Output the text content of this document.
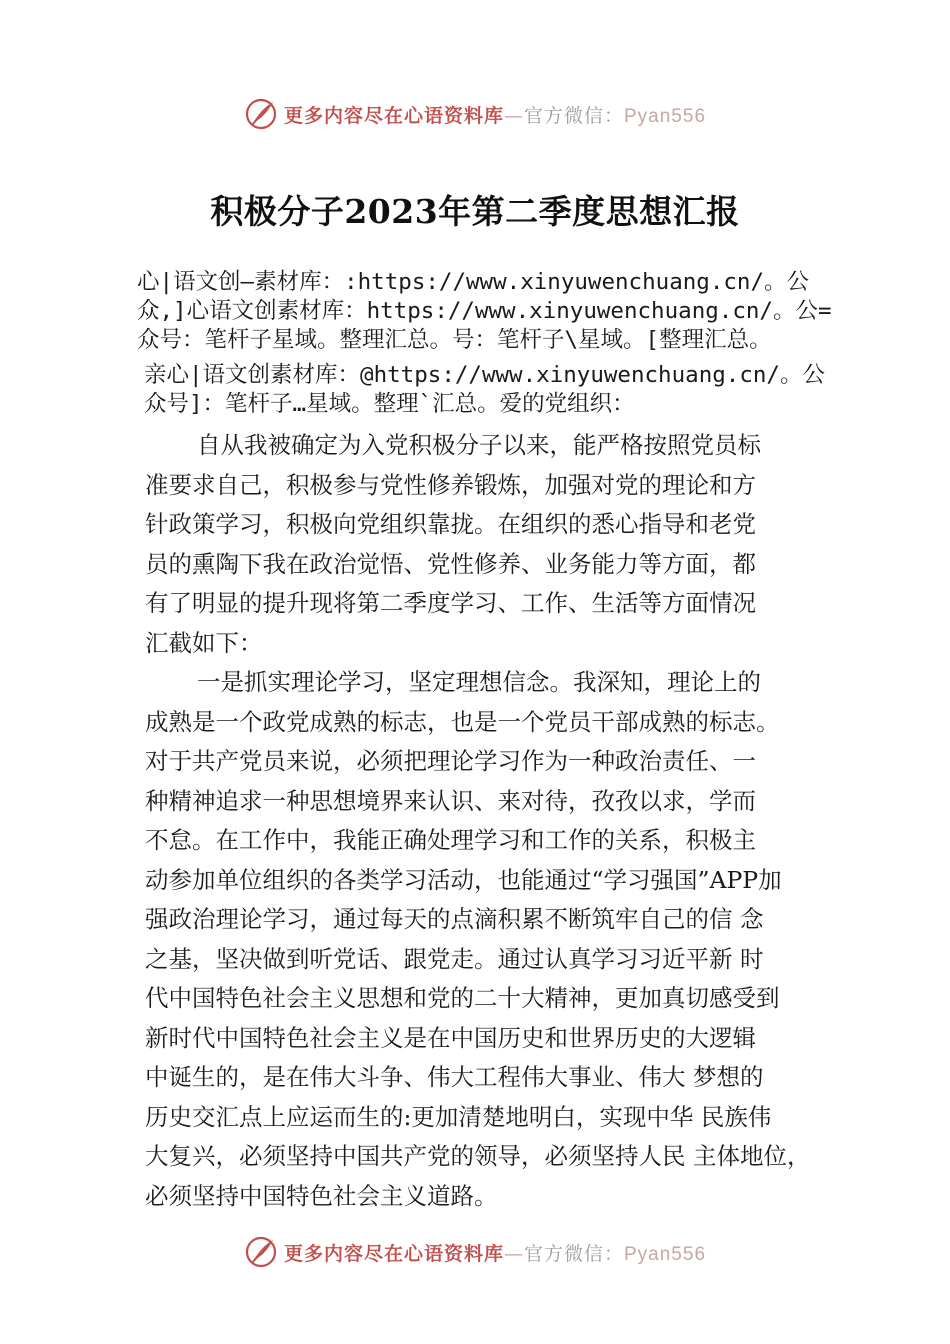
更多内容尽在心语资料库—官方微信：Pyan556
积极分子2023年第二季度思想汇报
心|语文创—素材库：:https://www.xinyuwenchuang.cn/。公
众,]心语文创素材库：https://www.xinyuwenchuang.cn/。公=
众号：笔杆子星域。整理汇总。号：笔杆子\星域。[整理汇总。
亲心|语文创素材库：@https://www.xinyuwenchuang.cn/。公
众号]：笔杆子…星域。整理`汇总。爱的党组织：
自从我被确定为入党积极分子以来，能严格按照党员标
准要求自己，积极参与党性修养锻炼，加强对党的理论和方
针政策学习，积极向党组织靠拢。在组织的悉心指导和老党
员的熏陶下我在政治觉悟、党性修养、业务能力等方面，都
有了明显的提升现将第二季度学习、工作、生活等方面情况
汇截如下：
一是抓实理论学习，坚定理想信念。我深知，理论上的
成熟是一个政党成熟的标志，也是一个党员干部成熟的标志。
对于共产党员来说，必须把理论学习作为一种政治责任、一
种精神追求一种思想境界来认识、来对待，孜孜以求，学而
不怠。在工作中，我能正确处理学习和工作的关系，积极主
动参加单位组织的各类学习活动，也能通过“学习强国”APP加
强政治理论学习，通过每天的点滴积累不断筑牢自己的信 念
之基，坚决做到听党话、跟党走。通过认真学习习近平新 时
代中国特色社会主义思想和党的二十大精神，更加真切感受到
新时代中国特色社会主义是在中国历史和世界历史的大逻辑
中诞生的，是在伟大斗争、伟大工程伟大事业、伟大 梦想的
历史交汇点上应运而生的:更加清楚地明白，实现中华 民族伟
大复兴，必须坚持中国共产党的领导，必须坚持人民 主体地位，
必须坚持中国特色社会主义道路。
更多内容尽在心语资料库—官方微信：Pyan556
